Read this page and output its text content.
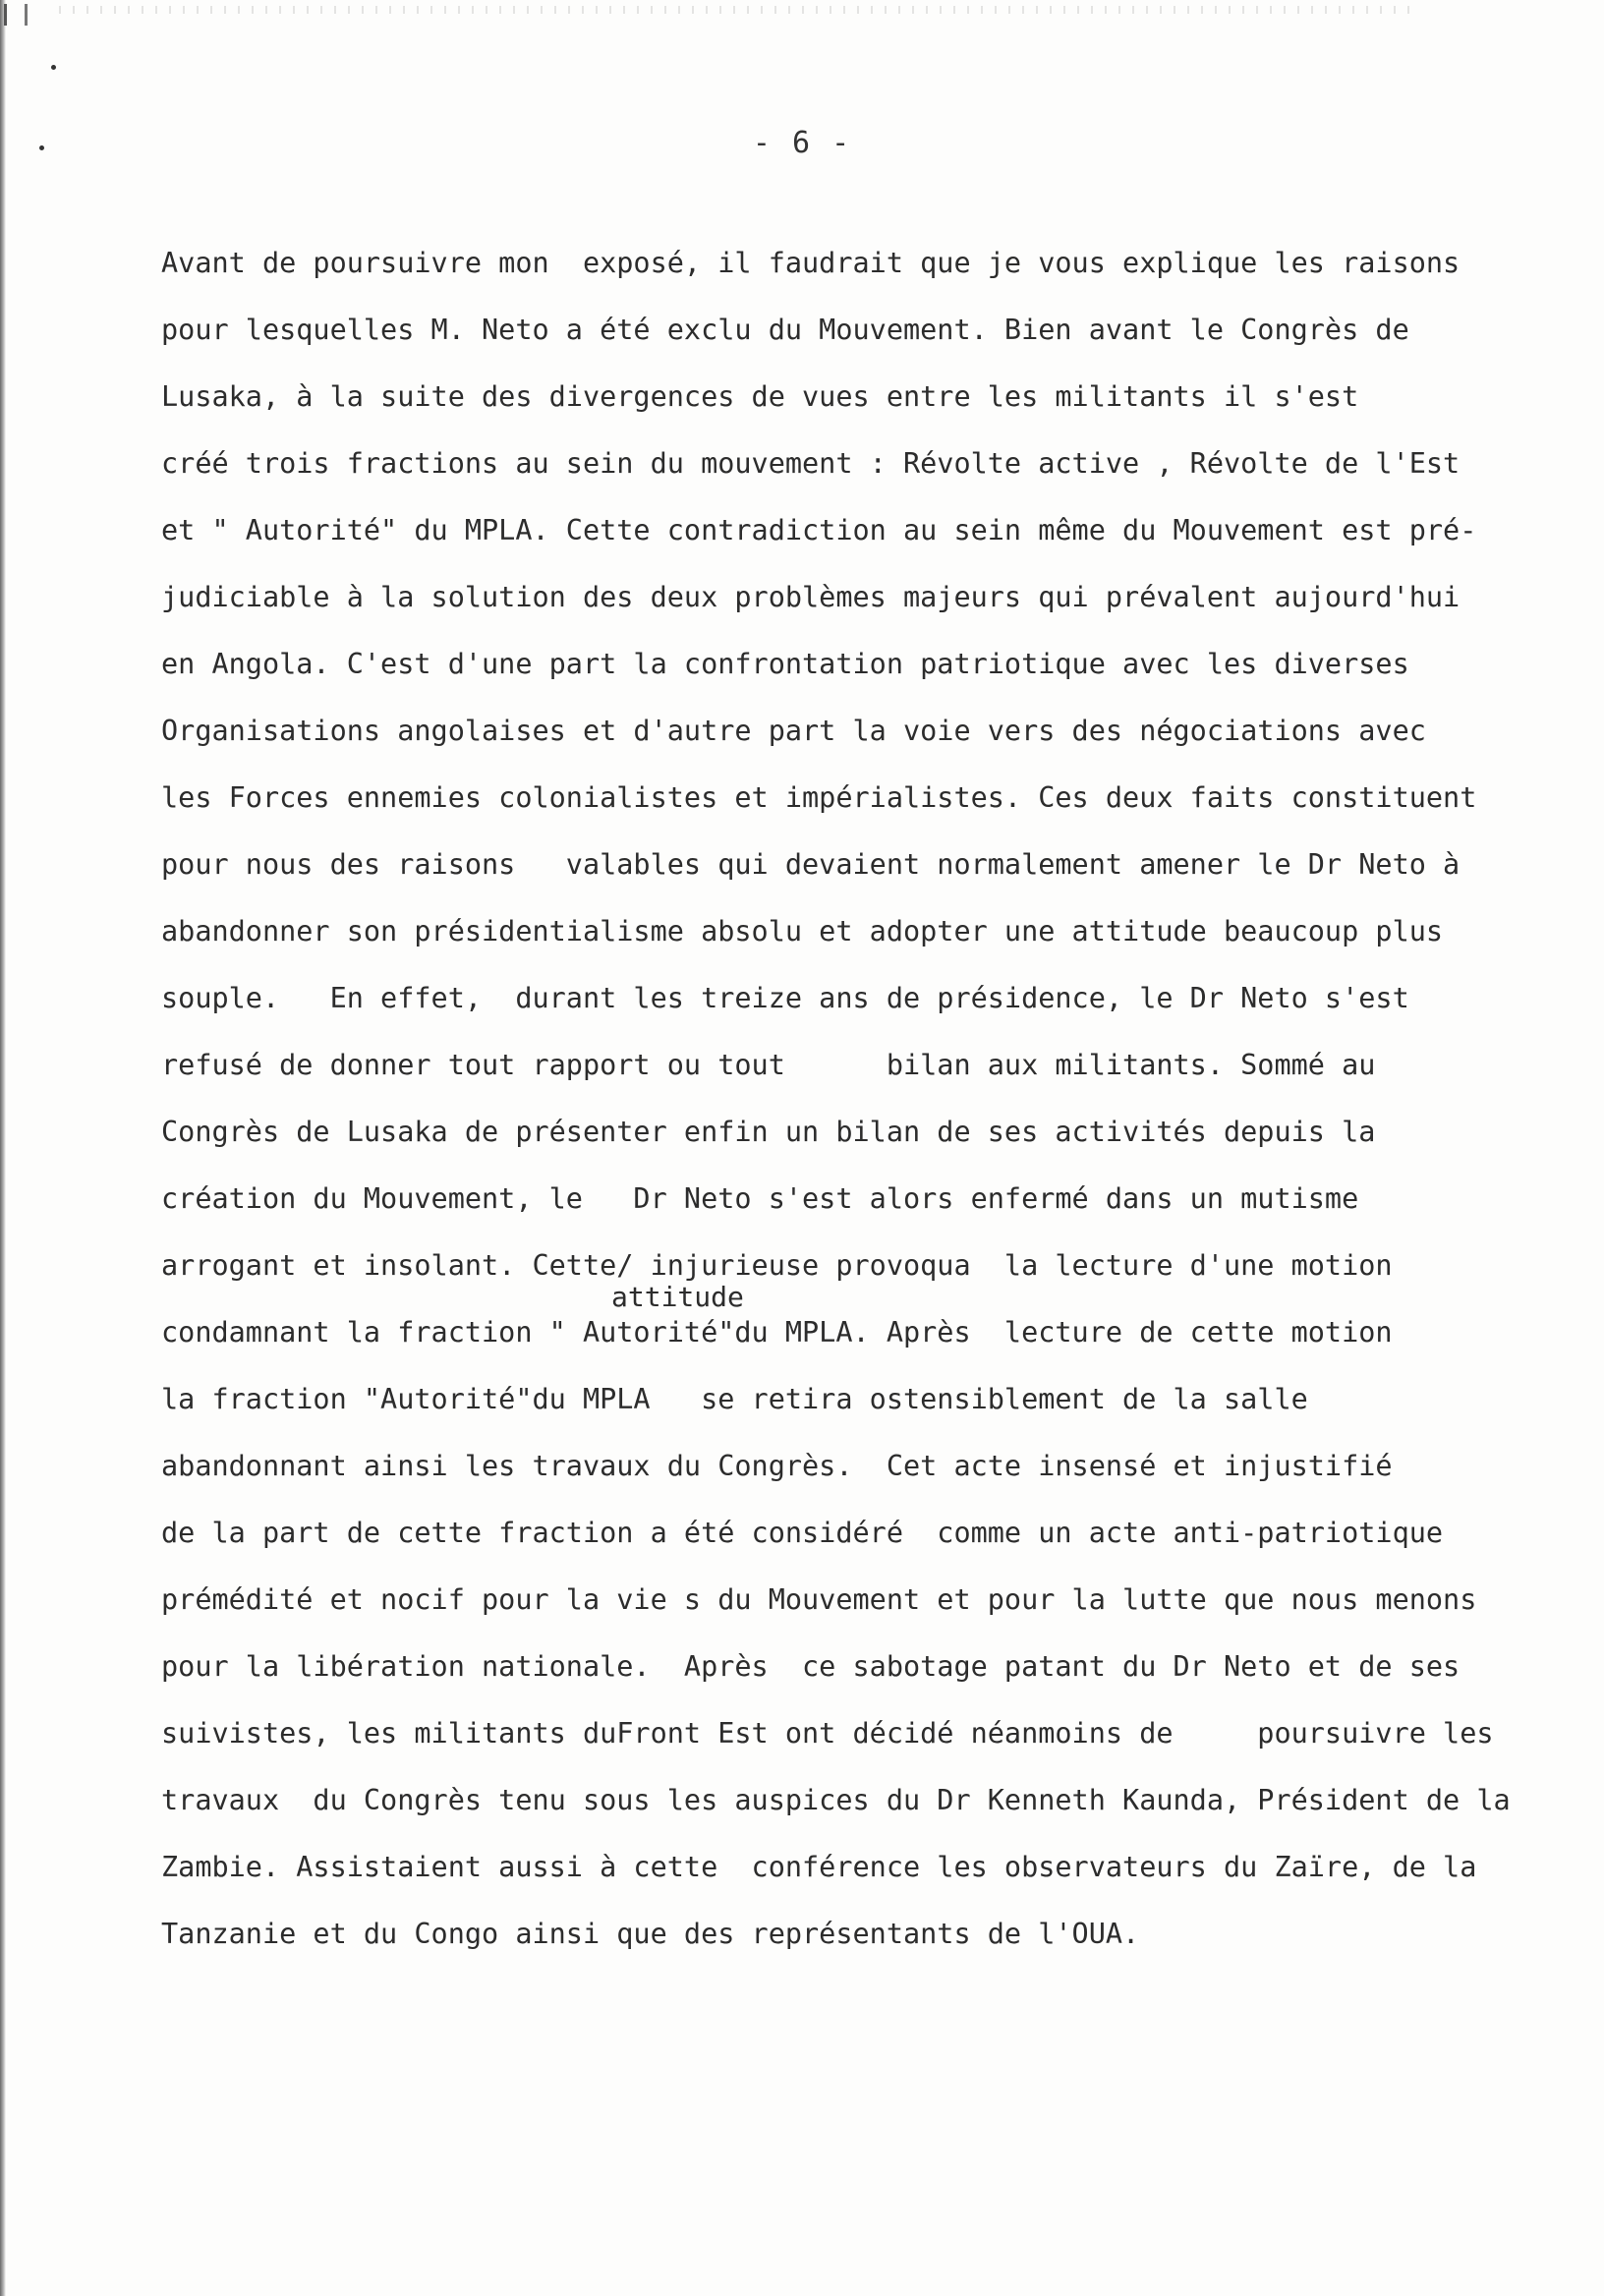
- 6 -
Avant de poursuivre mon  exposé, il faudrait que je vous explique les raisons
pour lesquelles M. Neto a été exclu du Mouvement. Bien avant le Congrès de
Lusaka, à la suite des divergences de vues entre les militants il s'est
créé trois fractions au sein du mouvement : Révolte active , Révolte de l'Est
et " Autorité" du MPLA. Cette contradiction au sein même du Mouvement est pré-
judiciable à la solution des deux problèmes majeurs qui prévalent aujourd'hui
en Angola. C'est d'une part la confrontation patriotique avec les diverses
Organisations angolaises et d'autre part la voie vers des négociations avec
les Forces ennemies colonialistes et impérialistes. Ces deux faits constituent
pour nous des raisons   valables qui devaient normalement amener le Dr Neto à
abandonner son présidentialisme absolu et adopter une attitude beaucoup plus
souple.   En effet,  durant les treize ans de présidence, le Dr Neto s'est
refusé de donner tout rapport ou tout      bilan aux militants. Sommé au
Congrès de Lusaka de présenter enfin un bilan de ses activités depuis la
création du Mouvement, le   Dr Neto s'est alors enfermé dans un mutisme
arrogant et insolant. Cette/ injurieuse provoqua  la lecture d'une motion
condamnant la fraction " Autorité"du MPLA. Après  lecture de cette motion

attitude

la fraction "Autorité"du MPLA   se retira ostensiblement de la salle
abandonnant ainsi les travaux du Congrès.  Cet acte insensé et injustifié
de la part de cette fraction a été considéré  comme un acte anti-patriotique
prémédité et nocif pour la vie s du Mouvement et pour la lutte que nous menons
pour la libération nationale.  Après  ce sabotage patant du Dr Neto et de ses
suivistes, les militants duFront Est ont décidé néanmoins de     poursuivre les
travaux  du Congrès tenu sous les auspices du Dr Kenneth Kaunda, Président de la
Zambie. Assistaient aussi à cette  conférence les observateurs du Zaïre, de la
Tanzanie et du Congo ainsi que des représentants de l'OUA.
